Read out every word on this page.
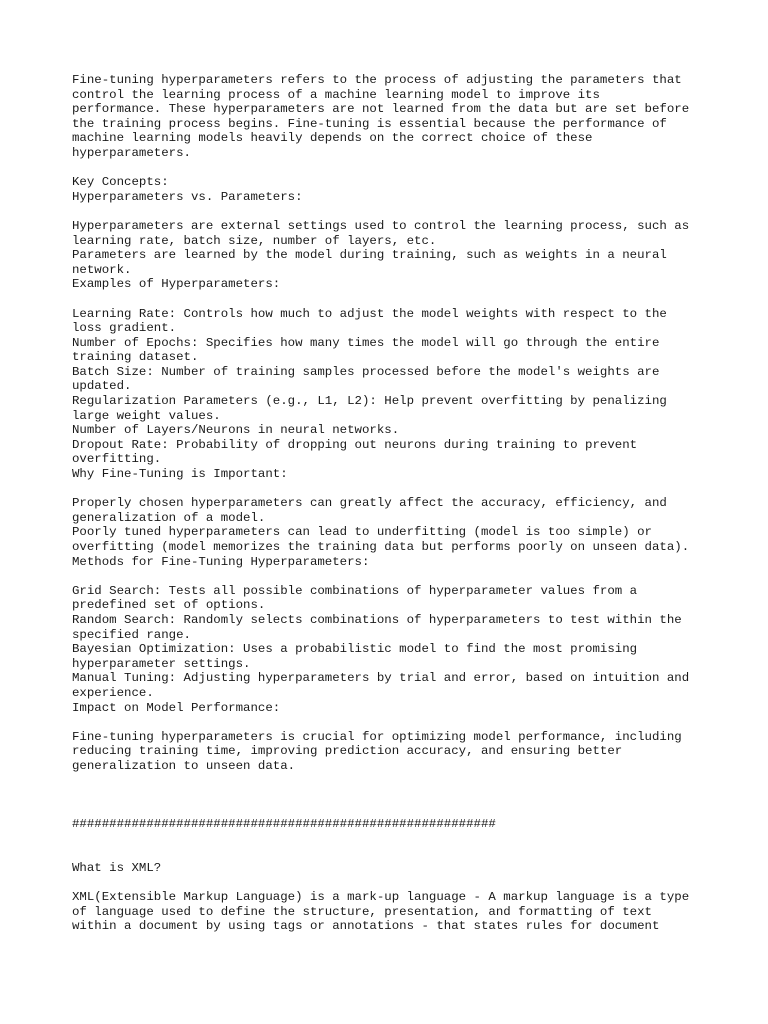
Fine-tuning hyperparameters refers to the process of adjusting the parameters that
control the learning process of a machine learning model to improve its
performance. These hyperparameters are not learned from the data but are set before
the training process begins. Fine-tuning is essential because the performance of
machine learning models heavily depends on the correct choice of these
hyperparameters.
Key Concepts:
Hyperparameters vs. Parameters:
Hyperparameters are external settings used to control the learning process, such as
learning rate, batch size, number of layers, etc.
Parameters are learned by the model during training, such as weights in a neural
network.
Examples of Hyperparameters:
Learning Rate: Controls how much to adjust the model weights with respect to the
loss gradient.
Number of Epochs: Specifies how many times the model will go through the entire
training dataset.
Batch Size: Number of training samples processed before the model's weights are
updated.
Regularization Parameters (e.g., L1, L2): Help prevent overfitting by penalizing
large weight values.
Number of Layers/Neurons in neural networks.
Dropout Rate: Probability of dropping out neurons during training to prevent
overfitting.
Why Fine-Tuning is Important:
Properly chosen hyperparameters can greatly affect the accuracy, efficiency, and
generalization of a model.
Poorly tuned hyperparameters can lead to underfitting (model is too simple) or
overfitting (model memorizes the training data but performs poorly on unseen data).
Methods for Fine-Tuning Hyperparameters:
Grid Search: Tests all possible combinations of hyperparameter values from a
predefined set of options.
Random Search: Randomly selects combinations of hyperparameters to test within the
specified range.
Bayesian Optimization: Uses a probabilistic model to find the most promising
hyperparameter settings.
Manual Tuning: Adjusting hyperparameters by trial and error, based on intuition and
experience.
Impact on Model Performance:
Fine-tuning hyperparameters is crucial for optimizing model performance, including
reducing training time, improving prediction accuracy, and ensuring better
generalization to unseen data.
#########################################################
What is XML?
XML(Extensible Markup Language) is a mark-up language - A markup language is a type
of language used to define the structure, presentation, and formatting of text
within a document by using tags or annotations - that states rules for document
